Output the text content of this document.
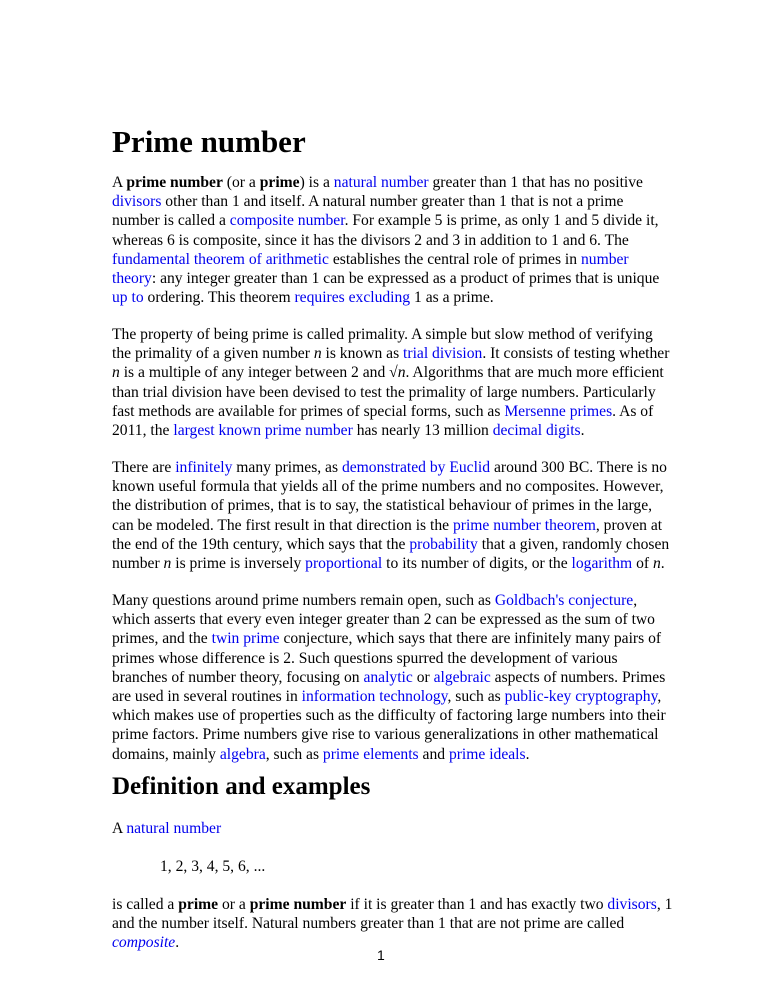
Prime number
A prime number (or a prime) is a natural number greater than 1 that has no positive
divisors other than 1 and itself. A natural number greater than 1 that is not a prime
number is called a composite number. For example 5 is prime, as only 1 and 5 divide it,
whereas 6 is composite, since it has the divisors 2 and 3 in addition to 1 and 6. The
fundamental theorem of arithmetic establishes the central role of primes in number
theory: any integer greater than 1 can be expressed as a product of primes that is unique
up to ordering. This theorem requires excluding 1 as a prime.
The property of being prime is called primality. A simple but slow method of verifying
the primality of a given number n is known as trial division. It consists of testing whether
n is a multiple of any integer between 2 and √n. Algorithms that are much more efficient
than trial division have been devised to test the primality of large numbers. Particularly
fast methods are available for primes of special forms, such as Mersenne primes. As of
2011, the largest known prime number has nearly 13 million decimal digits.
There are infinitely many primes, as demonstrated by Euclid around 300 BC. There is no
known useful formula that yields all of the prime numbers and no composites. However,
the distribution of primes, that is to say, the statistical behaviour of primes in the large,
can be modeled. The first result in that direction is the prime number theorem, proven at
the end of the 19th century, which says that the probability that a given, randomly chosen
number n is prime is inversely proportional to its number of digits, or the logarithm of n.
Many questions around prime numbers remain open, such as Goldbach's conjecture,
which asserts that every even integer greater than 2 can be expressed as the sum of two
primes, and the twin prime conjecture, which says that there are infinitely many pairs of
primes whose difference is 2. Such questions spurred the development of various
branches of number theory, focusing on analytic or algebraic aspects of numbers. Primes
are used in several routines in information technology, such as public-key cryptography,
which makes use of properties such as the difficulty of factoring large numbers into their
prime factors. Prime numbers give rise to various generalizations in other mathematical
domains, mainly algebra, such as prime elements and prime ideals.
Definition and examples
A natural number
1, 2, 3, 4, 5, 6, ...
is called a prime or a prime number if it is greater than 1 and has exactly two divisors, 1
and the number itself. Natural numbers greater than 1 that are not prime are called
composite.
1
